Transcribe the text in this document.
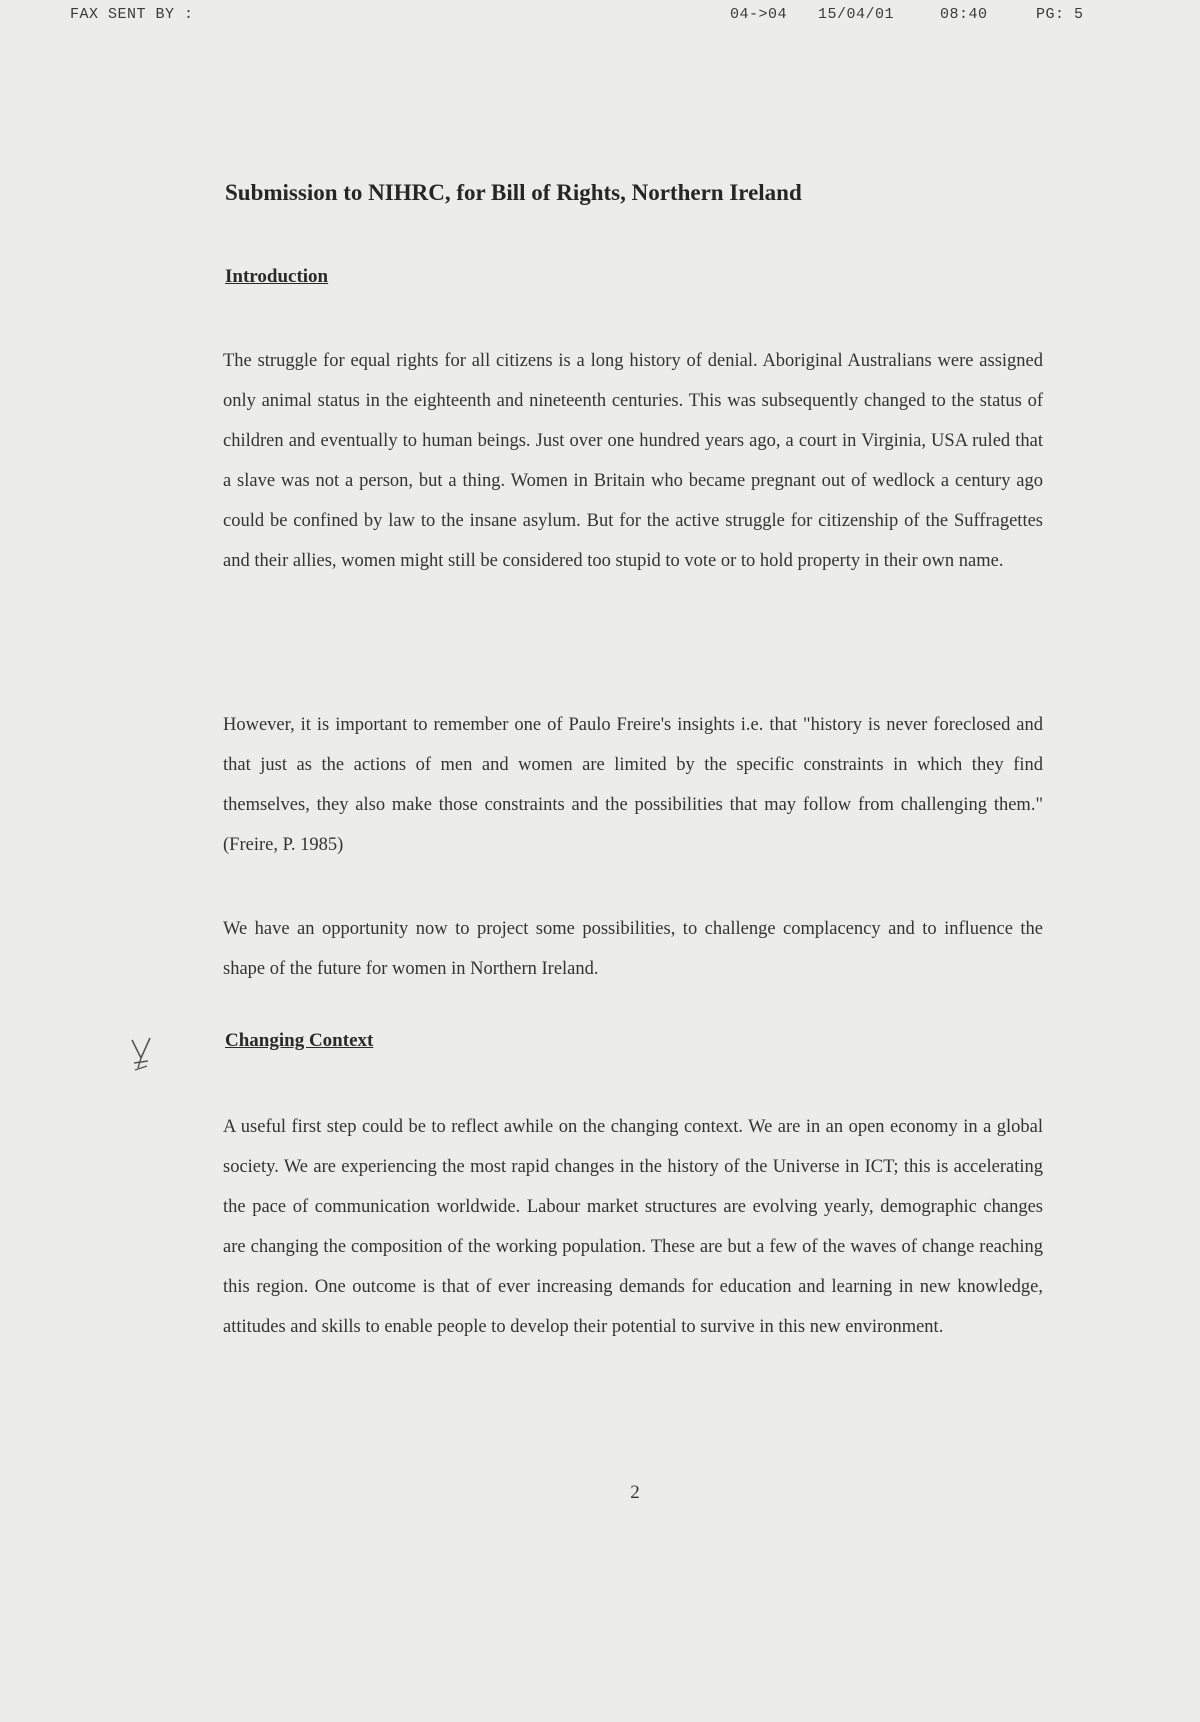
FAX SENT BY :	04->04 15/04/01	08:40	PG: 5
Submission to NIHRC, for Bill of Rights, Northern Ireland
Introduction

The struggle for equal rights for all citizens is a long history of denial. Aboriginal Australians were assigned only animal status in the eighteenth and nineteenth centuries. This was subsequently changed to the status of children and eventually to human beings. Just over one hundred years ago, a court in Virginia, USA ruled that a slave was not a person, but a thing. Women in Britain who became pregnant out of wedlock a century ago could be confined by law to the insane asylum. But for the active struggle for citizenship of the Suffragettes and their allies, women might still be considered too stupid to vote or to hold property in their own name.

However, it is important to remember one of Paulo Freire's insights i.e. that "history is never foreclosed and that just as the actions of men and women are limited by the specific constraints in which they find themselves, they also make those constraints and the possibilities that may follow from challenging them." (Freire, P. 1985)

We have an opportunity now to project some possibilities, to challenge complacency and to influence the shape of the future for women in Northern Ireland.

Changing Context

A useful first step could be to reflect awhile on the changing context. We are in an open economy in a global society. We are experiencing the most rapid changes in the history of the Universe in ICT; this is accelerating the pace of communication worldwide. Labour market structures are evolving yearly, demographic changes are changing the composition of the working population. These are but a few of the waves of change reaching this region. One outcome is that of ever increasing demands for education and learning in new knowledge, attitudes and skills to enable people to develop their potential to survive in this new environment.

2
